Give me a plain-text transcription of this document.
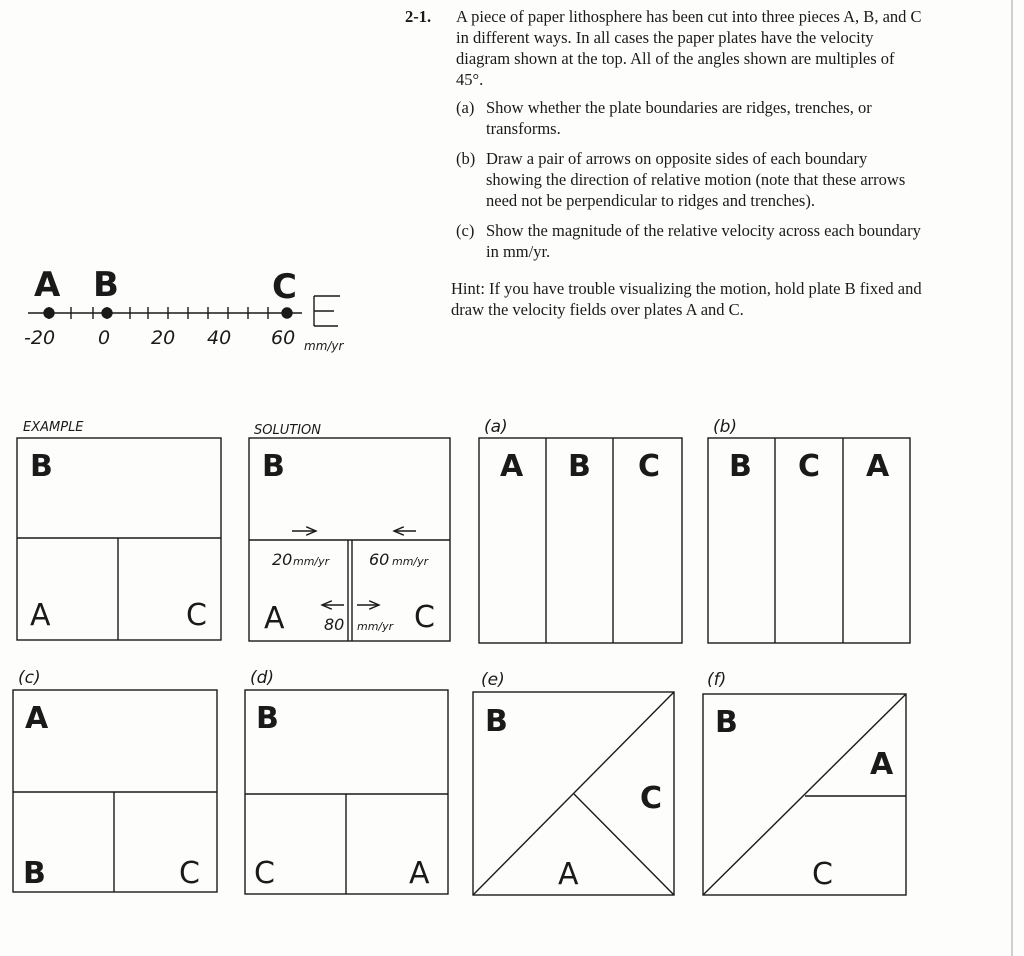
2-1. A piece of paper lithosphere has been cut into three pieces A, B, and C in different ways. In all cases the paper plates have the velocity diagram shown at the top. All of the angles shown are multiples of 45°.
(a) Show whether the plate boundaries are ridges, trenches, or transforms.
(b) Draw a pair of arrows on opposite sides of each boundary showing the direction of relative motion (note that these arrows need not be perpendicular to ridges and trenches).
(c) Show the magnitude of the relative velocity across each boundary in mm/yr.
Hint: If you have trouble visualizing the motion, hold plate B fixed and draw the velocity fields over plates A and C.
A B	C
-20 0 20 40 60 mm/yr
EXAMPLE
B
A	C
SOLUTION
B
A	C
20 mm/yr 60 mm/yr
80 mm/yr
(a)
A B C
(b)
B C A
(c)
A
B	C
(d)
B
C	A
(e)
B
C
A
(f)
B
A
C
